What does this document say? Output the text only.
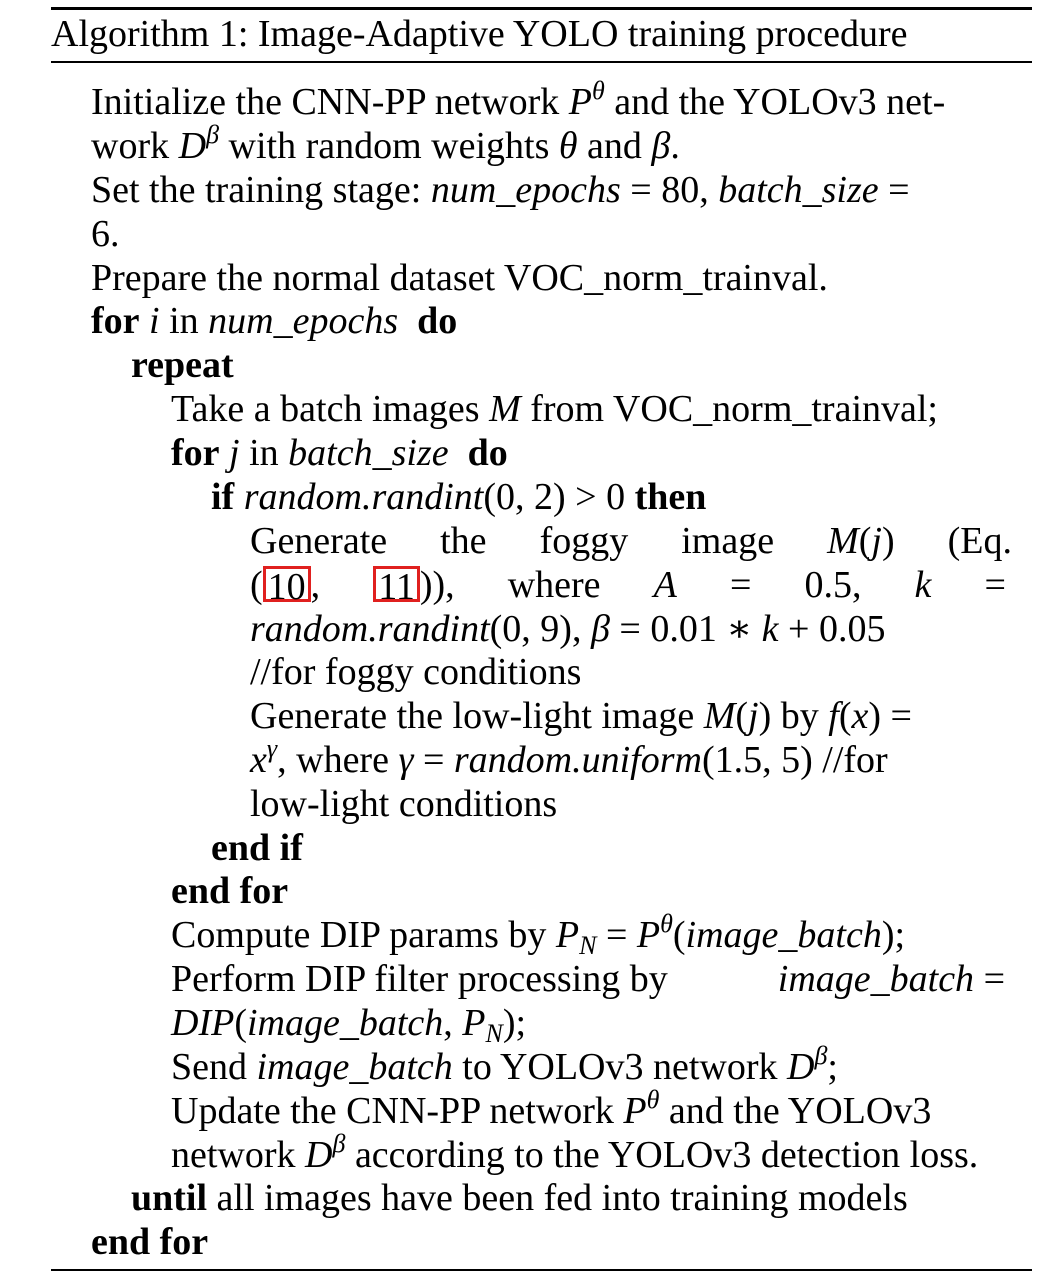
Algorithm 1: Image-Adaptive YOLO training procedure
Initialize the CNN-PP network $P^\theta$ and the YOLOv3 net-
work $D^\beta$ with random weights θ and β.
Set the training stage: num_epochs = 80, batch_size =
6.
Prepare the normal dataset VOC_norm_trainval.
for i in num_epochs do
repeat
Take a batch images M from VOC_norm_trainval;
for j in batch_size do
if random.randint(0, 2) > 0 then
Generate the foggy image M(j) (Eq.
( 10 , 11 )), where A = 0.5, k =
random.randint(0, 9), β = 0.01 ∗ k + 0.05
//for foggy conditions
Generate the low-light image M(j) by f(x) =
$x^\gamma$, where γ = random.uniform(1.5, 5) //for
low-light conditions
end if
end for
Compute DIP params by $P_N$ = $P^\theta(image\_batch)$;
Perform DIP filter processing by	image_batch =
DIP(image_batch, $P_N$);
Send image_batch to YOLOv3 network $D^\beta$;
Update the CNN-PP network $P^\theta$ and the YOLOv3
network $D^\beta$ according to the YOLOv3 detection loss.
until all images have been fed into training models
end for
